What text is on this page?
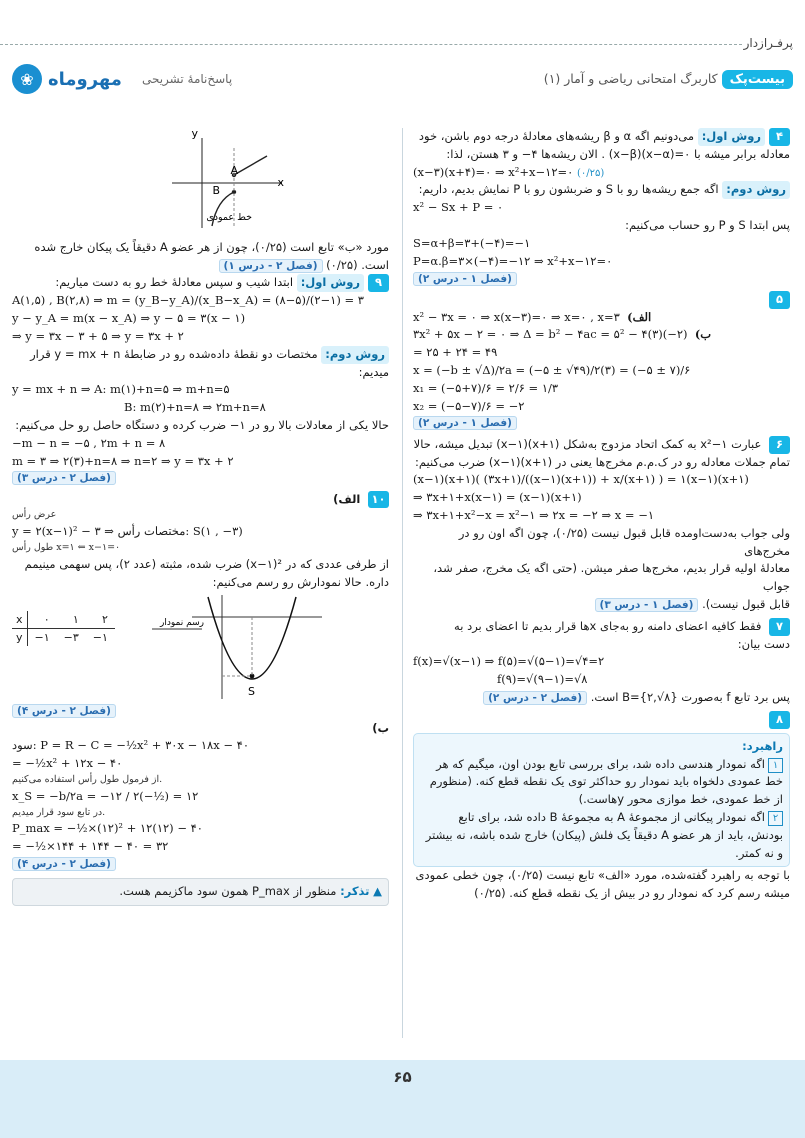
پرفـرازدار
بیست‌پک کاربرگ امتحانی ریاضی و آمار (۱)
❀ مهروماه پاسخ‌نامۀ تشریحی

۴روش اول: می‌دونیم اگه α و β ریشه‌های معادلۀ درجه دوم باشن، خود

معادله برابر میشه با ۰=(x−α)(x−β) . الان ریشه‌ها ۴− و ۳ هستن، لذا:

(x−۳)(x+۴)=۰ ⇒ x²+x−۱۲=۰ (۰/۲۵)

روش دوم: اگه جمع ریشه‌ها رو با S و ضربشون رو با P نمایش بدیم، داریم:

x² − Sx + P = ۰

پس ابتدا S و P رو حساب می‌کنیم:

S=α+β=۳+(−۴)=−۱

P=α.β=۳×(−۴)=−۱۲ ⇒ x²+x−۱۲=۰

(فصل ۱ - درس ۲)

۵

x² − ۳x = ۰ ⇒ x(x−۳)=۰ ⇒ x=۰ , x=۳ (الف

۳x² + ۵x − ۲ = ۰ ⇒ Δ = b² − ۴ac = ۵² − ۴(۳)(−۲) (ب

= ۲۵ + ۲۴ = ۴۹

x = (−b ± √Δ)/۲a = (−۵ ± √۴۹)/۲(۳) = (−۵ ± ۷)/۶

x₁ = (−۵+۷)/۶ = ۲/۶ = ۱/۳

x₂ = (−۵−۷)/۶ = −۲

(فصل ۱ - درس ۲)

۶ عبارت x²−۱ به کمک اتحاد مزدوج به‌شکل (x+۱)(x−۱) تبدیل میشه، حالا

تمام جملات معادله رو در ک.م.م مخرج‌ها یعنی در (x+۱)(x−۱) ضرب می‌کنیم:

(x−۱)(x+۱)( (۳x+۱)/((x−۱)(x+۱)) + x/(x+۱) ) = ۱(x−۱)(x+۱)

⇒ ۳x+۱+x(x−۱) = (x−۱)(x+۱)

⇒ ۳x+۱+x²−x = x²−۱ ⇒ ۲x = −۲ ⇒ x = −۱

ولی جواب به‌دست‌اومده قابل قبول نیست (۰/۲۵)، چون اگه اون رو در مخرج‌های

معادلۀ اولیه قرار بدیم، مخرج‌ها صفر میشن. (حتی اگه یک مخرج، صفر شد، جواب

قابل قبول نیست). (فصل ۱ - درس ۳)

۷ فقط کافیه اعضای دامنه رو به‌جای xها قرار بدیم تا اعضای برد به

دست بیان:

f(x)=√(x−۱) ⇒ f(۵)=√(۵−۱)=√۴=۲

f(۹)=√(۹−۱)=√۸

پس برد تابع f به‌صورت B={۲,√۸} است. (فصل ۲ - درس ۲)

۸

راهبرد:

۱اگه نمودار هندسی داده شد، برای بررسی تابع بودن اون، میگیم که هر خط عمودی دلخواه باید نمودار رو حداکثر توی یک نقطه قطع کنه. (منظورم از خط عمودی، خط موازی محور yهاست.)

۲اگه نمودار پیکانی از مجموعۀ A به مجموعۀ B داده شد، برای تابع بودنش، باید از هر عضو A دقیقاً یک فلش (پیکان) خارج شده باشه، نه بیشتر و نه کمتر.

با توجه به راهبرد گفته‌شده، مورد «الف» تابع نیست (۰/۲۵)، چون خطی عمودی

میشه رسم کرد که نمودار رو در بیش از یک نقطه قطع کنه. (۰/۲۵)

x
y
A
B
خط عمودی

مورد «ب» تابع است (۰/۲۵)، چون از هر عضو A دقیقاً یک پیکان خارج شده

است. (۰/۲۵) (فصل ۲ - درس ۱)

۹روش اول: ابتدا شیب و سپس معادلۀ خط رو به دست میاریم:

A(۱,۵) , B(۲,۸) ⇒ m = (y_B−y_A)/(x_B−x_A) = (۸−۵)/(۲−۱) = ۳

y − y_A = m(x − x_A) ⇒ y − ۵ = ۳(x − ۱)

⇒ y = ۳x − ۳ + ۵ ⇒ y = ۳x + ۲

روش دوم: مختصات دو نقطۀ داده‌شده رو در ضابطۀ y = mx + n قرار میدیم:

y = mx + n ⇒ A: m(۱)+n=۵ ⇒ m+n=۵

B: m(۲)+n=۸ ⇒ ۲m+n=۸

حالا یکی از معادلات بالا رو در ۱− ضرب کرده و دستگاه حاصل رو حل می‌کنیم:

−m − n = −۵ , ۲m + n = ۸

m = ۳ ⇒ ۲(۳)+n=۸ ⇒ n=۲ ⇒ y = ۳x + ۲

(فصل ۲ - درس ۳)

۱۰ الف)

عرض رأس

y = ۲(x−۱)² − ۳ ⇒ مختصات رأس: S(۱ , −۳)

طول رأس x=۱ ⇐ x−۱=۰

از طرفی عددی که در ²(x−۱) ضرب شده، مثبته (عدد ۲)، پس سهمی مینیمم

داره. حالا نمودارش رو رسم می‌کنیم:

x	۰	۱	۲
y	−۱	−۳	−۱
رسم نمودار
S
(فصل ۲ - درس ۴)

ب)

سود: P = R − C = −½x² + ۳۰x − ۱۸x − ۴۰

= −½x² + ۱۲x − ۴۰

از فرمول طول رأس استفاده می‌کنیم.

x_S = −b/۲a = −۱۲ / ۲(−½) = ۱۲

در تابع سود قرار میدیم.

P_max = −½×(۱۲)² + ۱۲(۱۲) − ۴۰

= −½×۱۴۴ + ۱۴۴ − ۴۰ = ۳۲

(فصل ۲ - درس ۴)
▲ تذکر: منظور از P_max همون سود ماکزیمم هست.
۶۵
